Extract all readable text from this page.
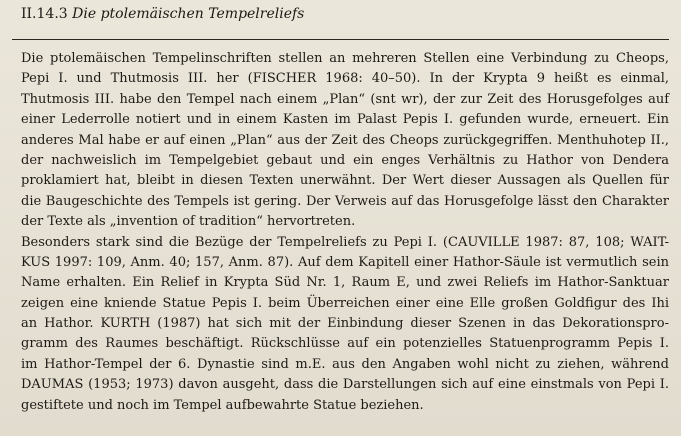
II.14.3 Die ptolemäischen Tempelreliefs
Die ptolemäischen Tempelinschriften stellen an mehreren Stellen eine Verbindung zu Cheops,
Pepi I. und Thutmosis III. her (FISCHER 1968: 40–50). In der Krypta 9 heißt es einmal,
Thutmosis III. habe den Tempel nach einem „Plan“ (snt wr), der zur Zeit des Horusgefolges auf
einer Lederrolle notiert und in einem Kasten im Palast Pepis I. gefunden wurde, erneuert. Ein
anderes Mal habe er auf einen „Plan“ aus der Zeit des Cheops zurückgegriffen. Menthuhotep II.,
der nachweislich im Tempelgebiet gebaut und ein enges Verhältnis zu Hathor von Dendera
proklamiert hat, bleibt in diesen Texten unerwähnt. Der Wert dieser Aussagen als Quellen für
die Baugeschichte des Tempels ist gering. Der Verweis auf das Horusgefolge lässt den Charakter
der Texte als „invention of tradition“ hervortreten.
Besonders stark sind die Bezüge der Tempelreliefs zu Pepi I. (CAUVILLE 1987: 87, 108; WAIT-
KUS 1997: 109, Anm. 40; 157, Anm. 87). Auf dem Kapitell einer Hathor-Säule ist vermutlich sein
Name erhalten. Ein Relief in Krypta Süd Nr. 1, Raum E, und zwei Reliefs im Hathor-Sanktuar
zeigen eine kniende Statue Pepis I. beim Überreichen einer eine Elle großen Goldfigur des Ihi
an Hathor. KURTH (1987) hat sich mit der Einbindung dieser Szenen in das Dekorationspro-
gramm des Raumes beschäftigt. Rückschlüsse auf ein potenzielles Statuenprogramm Pepis I.
im Hathor-Tempel der 6. Dynastie sind m.E. aus den Angaben wohl nicht zu ziehen, während
DAUMAS (1953; 1973) davon ausgeht, dass die Darstellungen sich auf eine einstmals von Pepi I.
gestiftete und noch im Tempel aufbewahrte Statue beziehen.
